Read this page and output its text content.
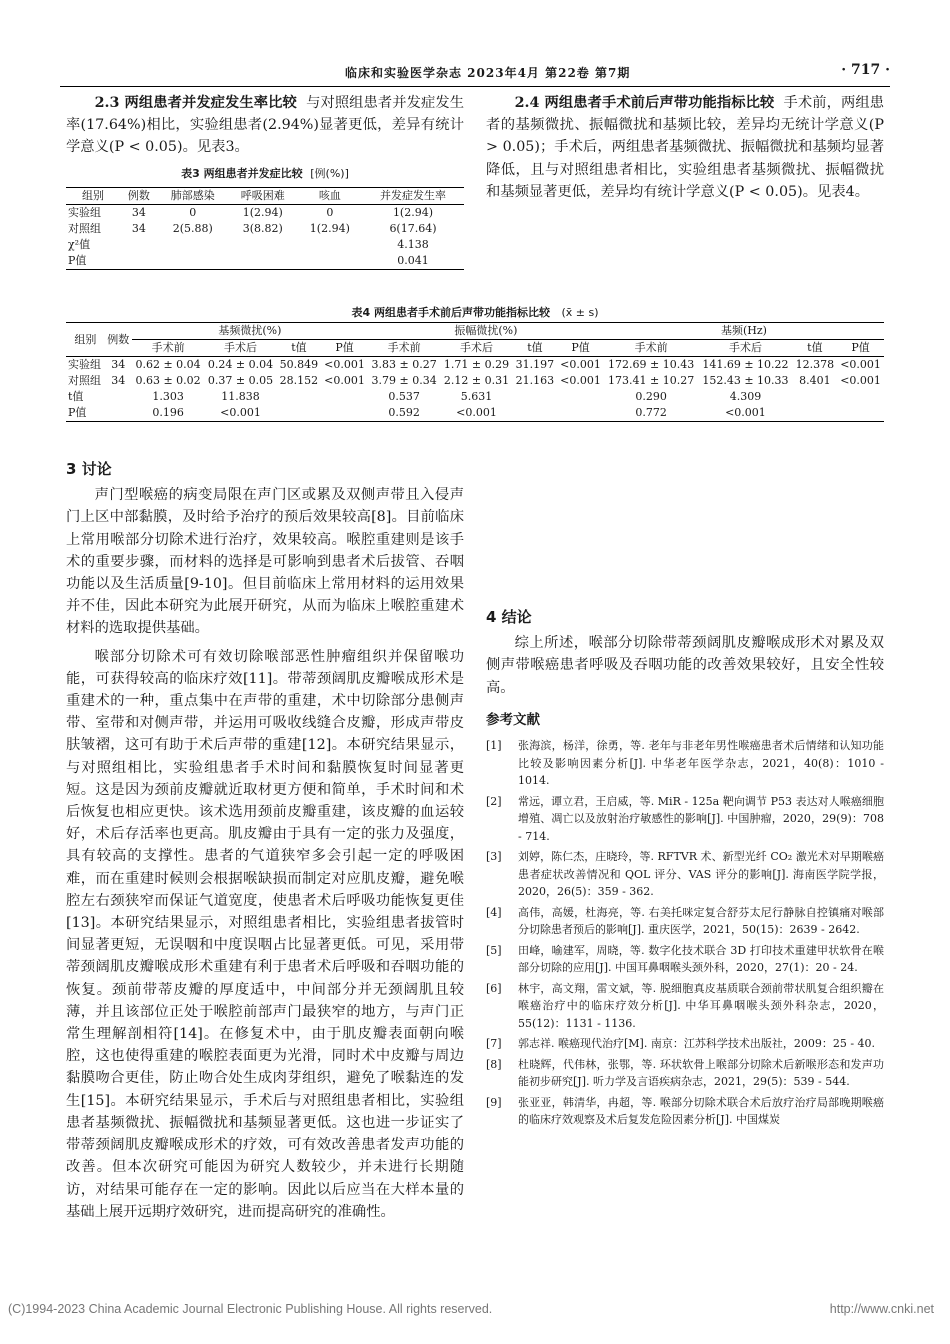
临床和实验医学杂志 2023年4月 第22卷 第7期	· 717 ·

2.3 两组患者并发症发生率比较 与对照组患者并发症发生率(17.64%)相比，实验组患者(2.94%)显著更低，差异有统计学意义(P < 0.05)。见表3。

表3 两组患者并发症比较 [例(%)]
组别	例数	肺部感染	呼吸困难	咳血	并发症发生率
实验组	34	0	1(2.94)	0	1(2.94)
对照组	34	2(5.88)	3(8.82)	1(2.94)	6(17.64)
χ²值					4.138
P值					0.041

2.4 两组患者手术前后声带功能指标比较 手术前，两组患者的基频微扰、振幅微扰和基频比较，差异均无统计学意义(P > 0.05)；手术后，两组患者基频微扰、振幅微扰和基频均显著降低，且与对照组患者相比，实验组患者基频微扰、振幅微扰和基频显著更低，差异均有统计学意义(P < 0.05)。见表4。

表4 两组患者手术前后声带功能指标比较 (x̄ ± s)
组别	例数	基频微扰(%)				振幅微扰(%)				基频(Hz)			
		手术前	手术后	t值	P值	手术前	手术后	t值	P值	手术前	手术后	t值	P值
实验组	34	0.62 ± 0.04	0.24 ± 0.04	50.849	<0.001	3.83 ± 0.27	1.71 ± 0.29	31.197	<0.001	172.69 ± 10.43	141.69 ± 10.22	12.378	<0.001
对照组	34	0.63 ± 0.02	0.37 ± 0.05	28.152	<0.001	3.79 ± 0.34	2.12 ± 0.31	21.163	<0.001	173.41 ± 10.27	152.43 ± 10.33	8.401	<0.001
t值		1.303	11.838			0.537	5.631			0.290	4.309		
P值		0.196	<0.001			0.592	<0.001			0.772	<0.001		
3 讨论

声门型喉癌的病变局限在声门区或累及双侧声带且入侵声门上区中部黏膜，及时给予治疗的预后效果较高[8]。目前临床上常用喉部分切除术进行治疗，效果较高。喉腔重建则是该手术的重要步骤，而材料的选择是可影响到患者术后拔管、吞咽功能以及生活质量[9-10]。但目前临床上常用材料的运用效果并不佳，因此本研究为此展开研究，从而为临床上喉腔重建术材料的选取提供基础。

喉部分切除术可有效切除喉部恶性肿瘤组织并保留喉功能，可获得较高的临床疗效[11]。带蒂颈阔肌皮瓣喉成形术是重建术的一种，重点集中在声带的重建，术中切除部分患侧声带、室带和对侧声带，并运用可吸收线缝合皮瓣，形成声带皮肤皱褶，这可有助于术后声带的重建[12]。本研究结果显示，与对照组相比，实验组患者手术时间和黏膜恢复时间显著更短。这是因为颈前皮瓣就近取材更方便和简单，手术时间和术后恢复也相应更快。该术选用颈前皮瓣重建，该皮瓣的血运较好，术后存活率也更高。肌皮瓣由于具有一定的张力及强度，具有较高的支撑性。患者的气道狭窄多会引起一定的呼吸困难，而在重建时候则会根据喉缺损而制定对应肌皮瓣，避免喉腔左右颈狭窄而保证气道宽度，使患者术后呼吸功能恢复更佳[13]。本研究结果显示，对照组患者相比，实验组患者拔管时间显著更短，无误咽和中度误咽占比显著更低。可见，采用带蒂颈阔肌皮瓣喉成形术重建有利于患者术后呼吸和吞咽功能的恢复。颈前带蒂皮瓣的厚度适中，中间部分并无颈阔肌且较薄，并且该部位正处于喉腔前部声门最狭窄的地方，与声门正常生理解剖相符[14]。在修复术中，由于肌皮瓣表面朝向喉腔，这也使得重建的喉腔表面更为光滑，同时术中皮瓣与周边黏膜吻合更佳，防止吻合处生成肉芽组织，避免了喉黏连的发生[15]。本研究结果显示，手术后与对照组患者相比，实验组患者基频微扰、振幅微扰和基频显著更低。这也进一步证实了带蒂颈阔肌皮瓣喉成形术的疗效，可有效改善患者发声功能的改善。但本次研究可能因为研究人数较少，并未进行长期随访，对结果可能存在一定的影响。因此以后应当在大样本量的基础上展开远期疗效研究，进而提高研究的准确性。

4 结论

综上所述，喉部分切除带蒂颈阔肌皮瓣喉成形术对累及双侧声带喉癌患者呼吸及吞咽功能的改善效果较好，且安全性较高。

参考文献
[1] 张海滨，杨洋，徐勇，等. 老年与非老年男性喉癌患者术后情绪和认知功能比较及影响因素分析[J]. 中华老年医学杂志，2021，40(8)：1010 - 1014.
[2] 常远，谭立君，王启威，等. MiR - 125a 靶向调节 P53 表达对人喉癌细胞增殖、凋亡以及放射治疗敏感性的影响[J]. 中国肿瘤，2020，29(9)：708 - 714.
[3] 刘婷，陈仁杰，庄晓玲，等. RFTVR 术、新型光纤 CO₂ 激光术对早期喉癌患者症状改善情况和 QOL 评分、VAS 评分的影响[J]. 海南医学院学报，2020，26(5)：359 - 362.
[4] 高伟，高媛，杜海亮，等. 右美托咪定复合舒芬太尼行静脉自控镇痛对喉部分切除患者预后的影响[J]. 重庆医学，2021，50(15)：2639 - 2642.
[5] 田峰，喻建军，周晓，等. 数字化技术联合 3D 打印技术重建甲状软骨在喉部分切除的应用[J]. 中国耳鼻咽喉头颈外科，2020，27(1)：20 - 24.
[6] 林宇，高文翔，雷文斌，等. 脱细胞真皮基质联合颈前带状肌复合组织瓣在喉癌治疗中的临床疗效分析[J]. 中华耳鼻咽喉头颈外科杂志，2020，55(12)：1131 - 1136.
[7] 郭志祥. 喉癌现代治疗[M]. 南京：江苏科学技术出版社，2009：25 - 40.
[8] 杜晓辉，代伟林，张鄂，等. 环状软骨上喉部分切除术后新喉形态和发声功能初步研究[J]. 听力学及言语疾病杂志，2021，29(5)：539 - 544.
[9] 张亚亚，韩清华，冉超，等. 喉部分切除术联合术后放疗治疗局部晚期喉癌的临床疗效观察及术后复发危险因素分析[J]. 中国煤炭
(C)1994-2023 China Academic Journal Electronic Publishing House. All rights reserved.	http://www.cnki.net
